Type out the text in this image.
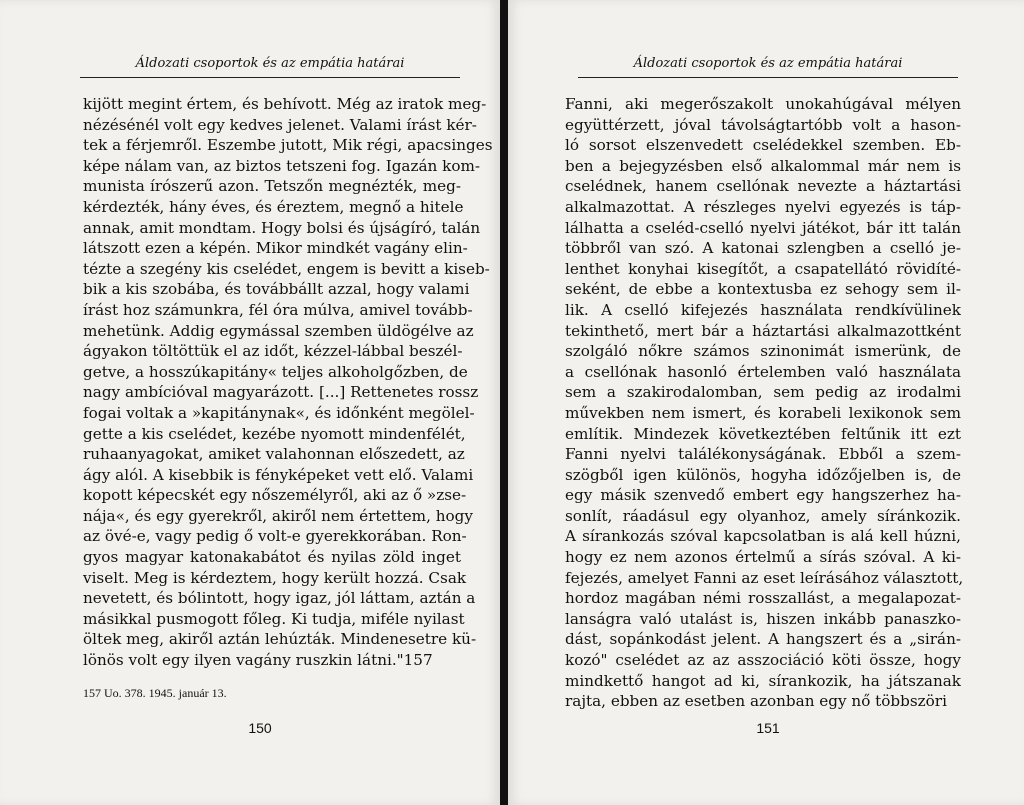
Áldozati csoportok és az empátia határai
kijött megint értem, és behívott. Még az iratok meg-
nézésénél volt egy kedves jelenet. Valami írást kér-
tek a férjemről. Eszembe jutott, Mik régi, apacsinges
képe nálam van, az biztos tetszeni fog. Igazán kom-
munista írószerű azon. Tetszőn megnézték, meg-
kérdezték, hány éves, és éreztem, megnő a hitele
annak, amit mondtam. Hogy bolsi és újságíró, talán
látszott ezen a képén. Mikor mindkét vagány elin-
tézte a szegény kis cselédet, engem is bevitt a kiseb-
bik a kis szobába, és továbbállt azzal, hogy valami
írást hoz számunkra, fél óra múlva, amivel tovább-
mehetünk. Addig egymással szemben üldögélve az
ágyakon töltöttük el az időt, kézzel-lábbal beszél-
getve, a hosszúkapitány« teljes alkoholgőzben, de
nagy ambícióval magyarázott. [...] Rettenetes rossz
fogai voltak a »kapitánynak«, és időnként megölel-
gette a kis cselédet, kezébe nyomott mindenfélét,
ruhaanyagokat, amiket valahonnan előszedett, az
ágy alól. A kisebbik is fényképeket vett elő. Valami
kopott képecskét egy nőszemélyről, aki az ő »zse-
nája«, és egy gyerekről, akiről nem értettem, hogy
az övé-e, vagy pedig ő volt-e gyerekkorában. Ron-
gyos magyar katonakabátot és nyilas zöld inget
viselt. Meg is kérdeztem, hogy került hozzá. Csak
nevetett, és bólintott, hogy igaz, jól láttam, aztán a
másikkal pusmogott főleg. Ki tudja, miféle nyilast
öltek meg, akiről aztán lehúzták. Mindenesetre kü-
lönös volt egy ilyen vagány ruszkin látni."157
157 Uo. 378. 1945. január 13.
150
Áldozati csoportok és az empátia határai
Fanni, aki megerőszakolt unokahúgával mélyen
együttérzett, jóval távolságtartóbb volt a hason-
ló sorsot elszenvedett cselédekkel szemben. Eb-
ben a bejegyzésben első alkalommal már nem is
cselédnek, hanem csellónak nevezte a háztartási
alkalmazottat. A részleges nyelvi egyezés is táp-
lálhatta a cseléd-cselló nyelvi játékot, bár itt talán
többről van szó. A katonai szlengben a cselló je-
lenthet konyhai kisegítőt, a csapatellátó rövidíté-
seként, de ebbe a kontextusba ez sehogy sem il-
lik. A cselló kifejezés használata rendkívülinek
tekinthető, mert bár a háztartási alkalmazottként
szolgáló nőkre számos szinonimát ismerünk, de
a csellónak hasonló értelemben való használata
sem a szakirodalomban, sem pedig az irodalmi
művekben nem ismert, és korabeli lexikonok sem
említik. Mindezek következtében feltűnik itt ezt
Fanni nyelvi találékonyságának. Ebből a szem-
szögből igen különös, hogyha időzőjelben is, de
egy másik szenvedő embert egy hangszerhez ha-
sonlít, ráadásul egy olyanhoz, amely síránkozik.
A sírankozás szóval kapcsolatban is alá kell húzni,
hogy ez nem azonos értelmű a sírás szóval. A ki-
fejezés, amelyet Fanni az eset leírásához választott,
hordoz magában némi rosszallást, a megalapozat-
lanságra való utalást is, hiszen inkább panaszko-
dást, sopánkodást jelent. A hangszert és a „sirán-
kozó" cselédet az az asszociáció köti össze, hogy
mindkettő hangot ad ki, sírankozik, ha játszanak
rajta, ebben az esetben azonban egy nő többszöri
151
